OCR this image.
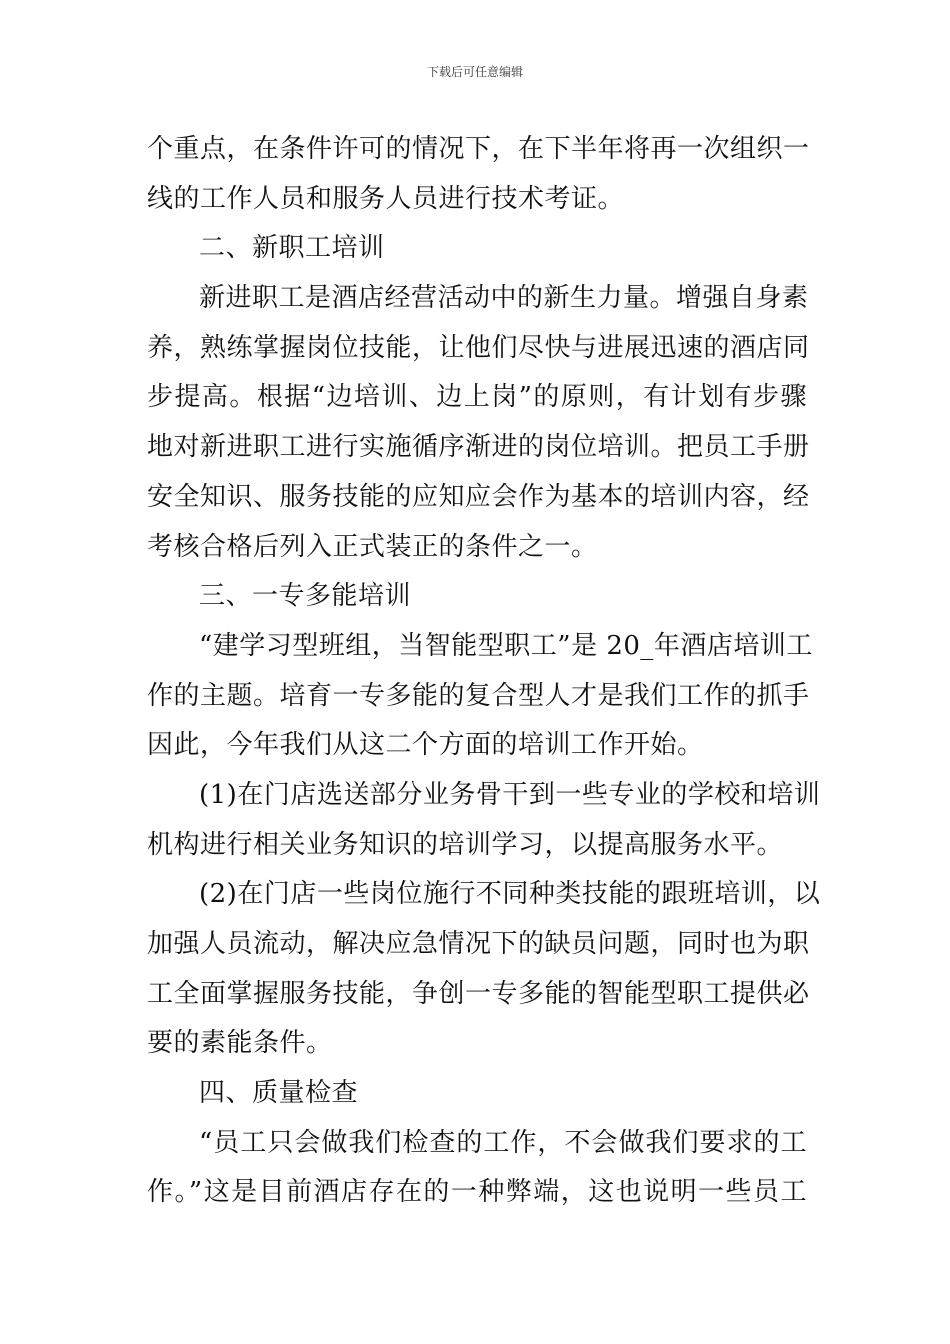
下载后可任意编辑
个重点，在条件许可的情况下，在下半年将再一次组织一
线的工作人员和服务人员进行技术考证。
二、新职工培训
新进职工是酒店经营活动中的新生力量。增强自身素
养，熟练掌握岗位技能，让他们尽快与进展迅速的酒店同
步提高。根据“边培训、边上岗”的原则，有计划有步骤
地对新进职工进行实施循序渐进的岗位培训。把员工手册
安全知识、服务技能的应知应会作为基本的培训内容，经
考核合格后列入正式装正的条件之一。
三、一专多能培训
“建学习型班组，当智能型职工”是 20_年酒店培训工
作的主题。培育一专多能的复合型人才是我们工作的抓手
因此，今年我们从这二个方面的培训工作开始。
(1)在门店选送部分业务骨干到一些专业的学校和培训
机构进行相关业务知识的培训学习，以提高服务水平。
(2)在门店一些岗位施行不同种类技能的跟班培训，以
加强人员流动，解决应急情况下的缺员问题，同时也为职
工全面掌握服务技能，争创一专多能的智能型职工提供必
要的素能条件。
四、质量检查
“员工只会做我们检查的工作，不会做我们要求的工
作。”这是目前酒店存在的一种弊端，这也说明一些员工
